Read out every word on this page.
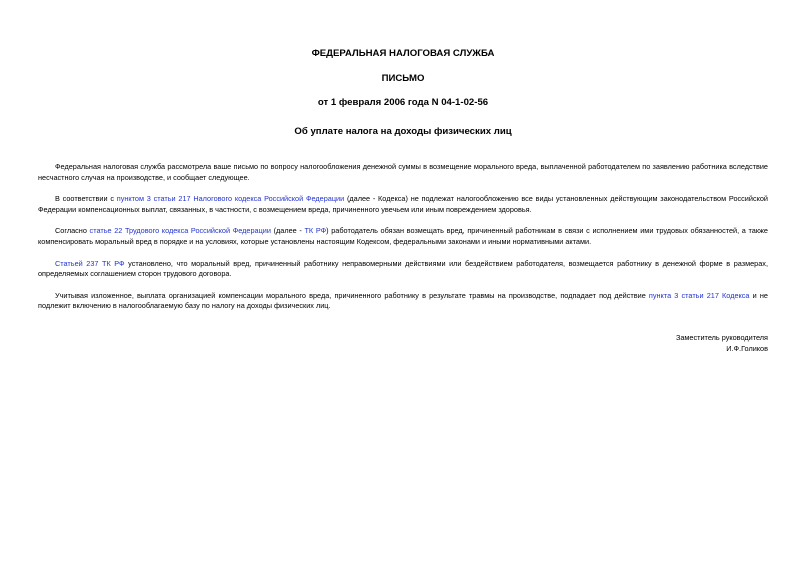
ФЕДЕРАЛЬНАЯ НАЛОГОВАЯ СЛУЖБА
ПИСЬМО
от 1 февраля 2006 года N 04-1-02-56
Об уплате налога на доходы физических лиц

Федеральная налоговая служба рассмотрела ваше письмо по вопросу налогообложения денежной суммы в возмещение морального вреда, выплаченной работодателем по заявлению работника вследствие несчастного случая на производстве, и сообщает следующее.

В соответствии с пунктом 3 статьи 217 Налогового кодекса Российской Федерации (далее - Кодекса) не подлежат налогообложению все виды установленных действующим законодательством Российской Федерации компенсационных выплат, связанных, в частности, с возмещением вреда, причиненного увечьем или иным повреждением здоровья.

Согласно статье 22 Трудового кодекса Российской Федерации (далее - ТК РФ) работодатель обязан возмещать вред, причиненный работникам в связи с исполнением ими трудовых обязанностей, а также компенсировать моральный вред в порядке и на условиях, которые установлены настоящим Кодексом, федеральными законами и иными нормативными актами.

Статьей 237 ТК РФ установлено, что моральный вред, причиненный работнику неправомерными действиями или бездействием работодателя, возмещается работнику в денежной форме в размерах, определяемых соглашением сторон трудового договора.

Учитывая изложенное, выплата организацией компенсации морального вреда, причиненного работнику в результате травмы на производстве, подпадает под действие пункта 3 статьи 217 Кодекса и не подлежит включению в налогооблагаемую базу по налогу на доходы физических лиц.

Заместитель руководителя
И.Ф.Голиков
